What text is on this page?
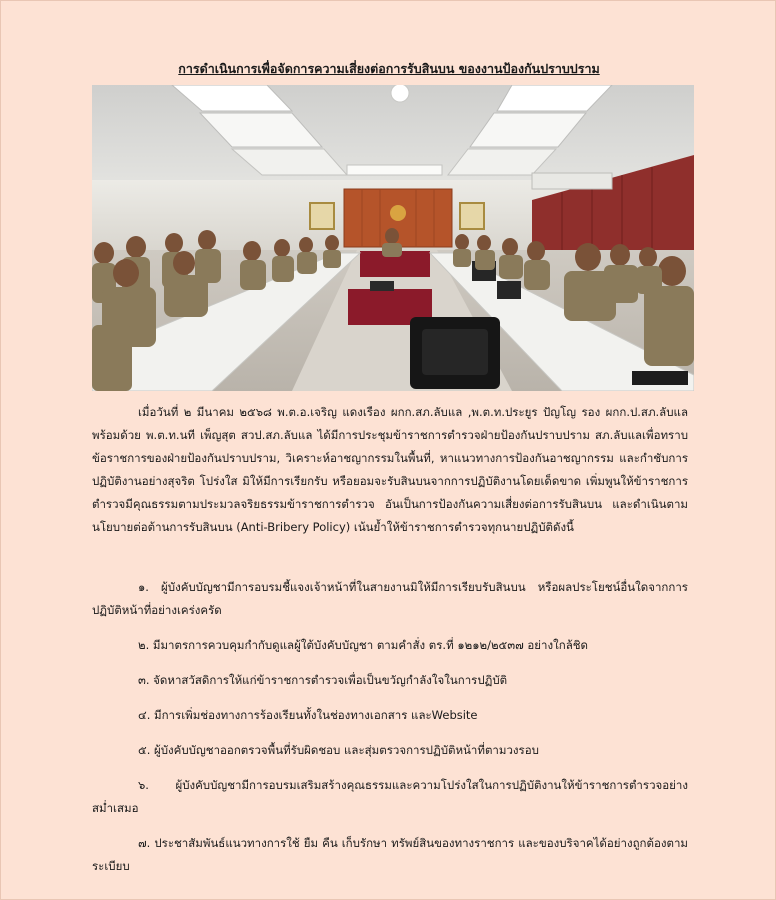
การดำเนินการเพื่อจัดการความเสี่ยงต่อการรับสินบน ของงานป้องกันปราบปราม
เมื่อวันที่ ๒ มีนาคม ๒๕๖๘ พ.ต.อ.เจริญ แดงเรือง ผกก.สภ.ลับแล ,พ.ต.ท.ประยูร ปัญโญ รอง ผกก.ป.สภ.ลับแล พร้อมด้วย พ.ต.ท.นที เพ็ญสุต สวป.สภ.ลับแล ได้มีการประชุมข้าราชการตำรวจฝ่ายป้องกันปราบปราม สภ.ลับแลเพื่อทราบข้อราชการของฝ่ายป้องกันปราบปราม, วิเคราะห์อาชญากรรมในพื้นที่, หาแนวทางการป้องกันอาชญากรรม และกำชับการปฏิบัติงานอย่างสุจริต โปร่งใส มิให้มีการเรียกรับ หรือยอมจะรับสินบนจากการปฏิบัติงานโดยเด็ดขาด เพิ่มพูนให้ข้าราชการตำรวจมีคุณธรรมตามประมวลจริยธรรมข้าราชการตำรวจ อันเป็นการป้องกันความเสี่ยงต่อการรับสินบน และดำเนินตามนโยบายต่อต้านการรับสินบน (Anti-Bribery Policy) เน้นย้ำให้ข้าราชการตำรวจทุกนายปฏิบัติดังนี้
๑. ผู้บังคับบัญชามีการอบรมชี้แจงเจ้าหน้าที่ในสายงานมิให้มีการเรียบรับสินบน หรือผลประโยชน์อื่นใดจากการปฏิบัติหน้าที่อย่างเคร่งครัด
๒. มีมาตรการควบคุมกำกับดูแลผู้ใต้บังคับบัญชา ตามคำสั่ง ตร.ที่ ๑๒๑๒/๒๕๓๗ อย่างใกล้ชิด
๓. จัดหาสวัสดิการให้แก่ข้าราชการตำรวจเพื่อเป็นขวัญกำลังใจในการปฏิบัติ
๔. มีการเพิ่มช่องทางการร้องเรียนทั้งในช่องทางเอกสาร และWebsite
๕. ผู้บังคับบัญชาออกตรวจพื้นที่รับผิดชอบ และสุ่มตรวจการปฏิบัติหน้าที่ตามวงรอบ
๖. ผู้บังคับบัญชามีการอบรมเสริมสร้างคุณธรรมและความโปร่งใสในการปฏิบัติงานให้ข้าราชการตำรวจอย่างสม่ำเสมอ
๗. ประชาสัมพันธ์แนวทางการใช้ ยืม คืน เก็บรักษา ทรัพย์สินของทางราชการ และของบริจาคได้อย่างถูกต้องตามระเบียบ
